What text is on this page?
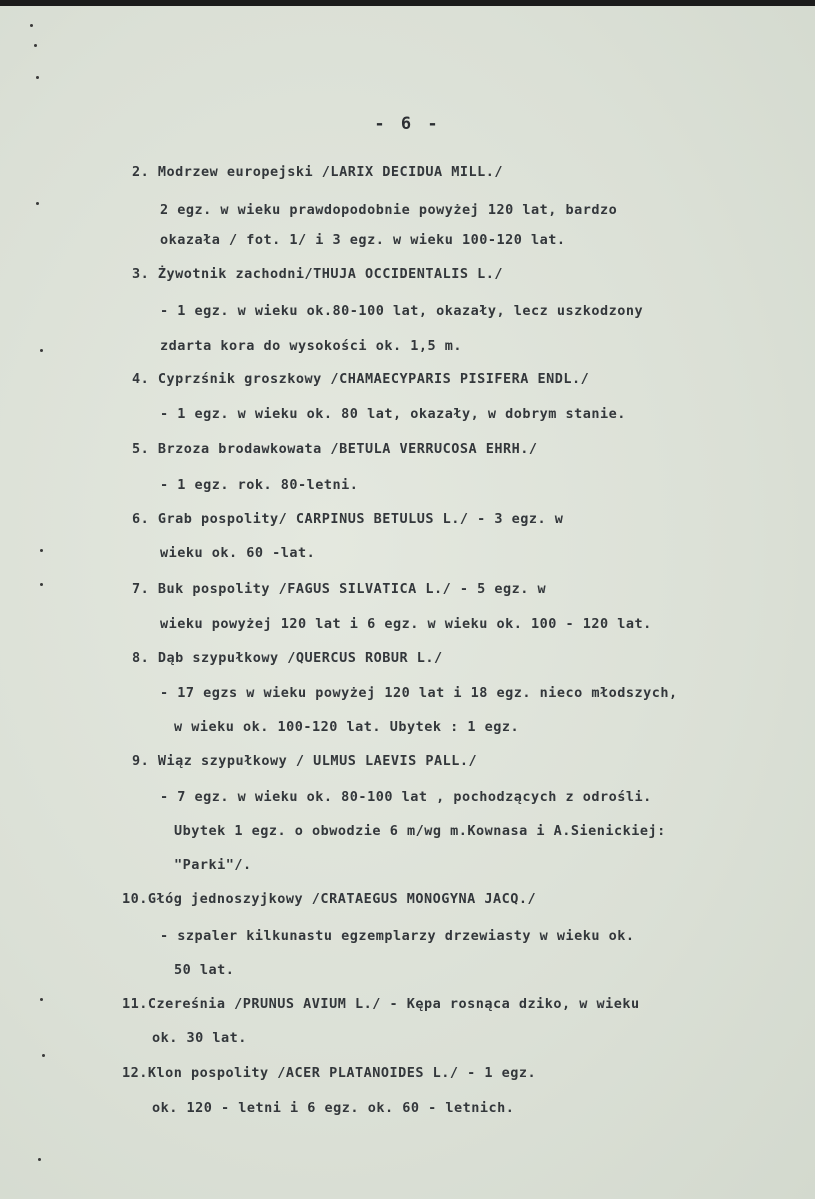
- 6 -
2. Modrzew europejski /LARIX DECIDUA MILL./
2 egz. w wieku prawdopodobnie powyżej 120 lat, bardzo
okazała / fot. 1/ i 3 egz. w wieku 100-120 lat.
3. Żywotnik zachodni/THUJA OCCIDENTALIS L./
- 1 egz. w wieku ok.80-100 lat, okazały, lecz uszkodzony
zdarta kora do wysokości ok. 1,5 m.
4. Cyprzśnik groszkowy /CHAMAECYPARIS PISIFERA ENDL./
- 1 egz. w wieku ok. 80 lat, okazały, w dobrym stanie.
5. Brzoza brodawkowata /BETULA VERRUCOSA EHRH./
- 1 egz. rok. 80-letni.
6. Grab pospolity/ CARPINUS BETULUS L./ - 3 egz. w
wieku ok. 60 -lat.
7. Buk pospolity /FAGUS SILVATICA L./ - 5 egz. w
wieku powyżej 120 lat i 6 egz. w wieku ok. 100 - 120 lat.
8. Dąb szypułkowy /QUERCUS ROBUR L./
- 17 egzs w wieku powyżej 120 lat i 18 egz. nieco młodszych,
w wieku ok. 100-120 lat. Ubytek : 1 egz.
9. Wiąz szypułkowy / ULMUS LAEVIS PALL./
- 7 egz. w wieku ok. 80-100 lat , pochodzących z odrośli.
Ubytek 1 egz. o obwodzie 6 m/wg m.Kownasa i A.Sienickiej:
"Parki"/.
10.Głóg jednoszyjkowy /CRATAEGUS MONOGYNA JACQ./
- szpaler kilkunastu egzemplarzy drzewiasty w wieku ok.
50 lat.
11.Czereśnia /PRUNUS AVIUM L./ - Kępa rosnąca dziko, w wieku
ok. 30 lat.
12.Klon pospolity /ACER PLATANOIDES L./ - 1 egz.
ok. 120 - letni i 6 egz. ok. 60 - letnich.
